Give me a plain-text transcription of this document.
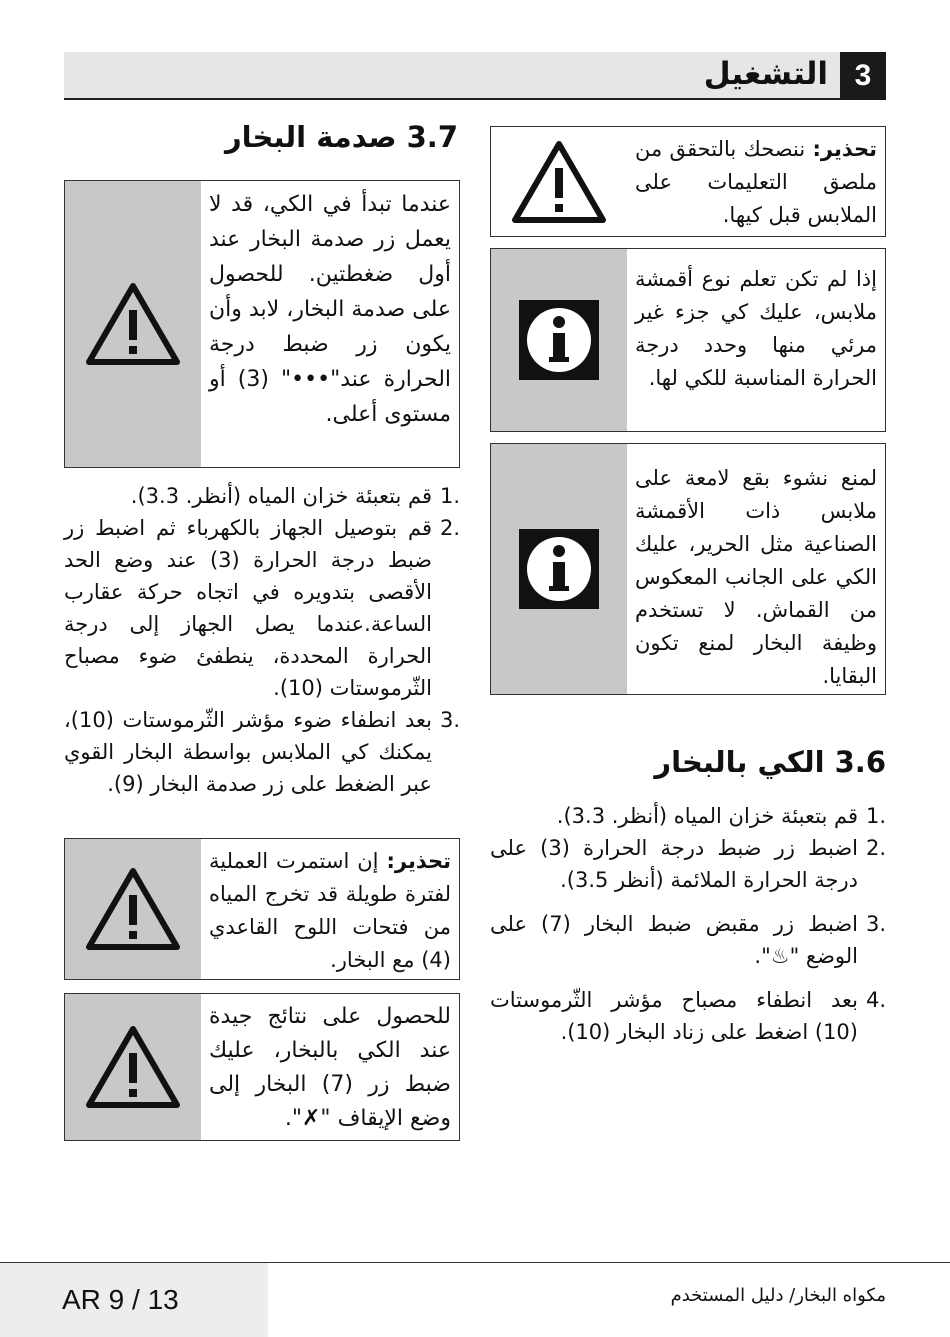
3
التشغيل
تحذير: ننصحك بالتحقق من ملصق التعليمات على الملابس قبل كيها.
إذا لم تكن تعلم نوع أقمشة ملابس، عليك كي جزء غير مرئي منها وحدد درجة الحرارة المناسبة للكي لها.
لمنع نشوء بقع لامعة على ملابس ذات الأقمشة الصناعية مثل الحرير، عليك الكي على الجانب المعكوس من القماش. لا تستخدم وظيفة البخار لمنع تكون البقايا.
3.6 الكي بالبخار
.1
قم بتعبئة خزان المياه (أنظر. 3.3).
.2
اضبط زر ضبط درجة الحرارة (3) على درجة الحرارة الملائمة (أنظر 3.5).
.3
اضبط زر مقبض ضبط البخار (7) على الوضع "♨".
.4
بعد انطفاء مصباح مؤشر الثّرموستات (10) اضغط على زناد البخار (10).
3.7 صدمة البخار
عندما تبدأ في الكي، قد لا يعمل زر صدمة البخار عند أول ضغطتين. للحصول على صدمة البخار، لابد وأن يكون زر ضبط درجة الحرارة عند"•••" (3) أو مستوى أعلى.
.1
قم بتعبئة خزان المياه (أنظر. 3.3).
.2
قم بتوصيل الجهاز بالكهرباء ثم اضبط زر ضبط درجة الحرارة (3) عند وضع الحد الأقصى بتدويره في اتجاه حركة عقارب الساعة.عندما يصل الجهاز إلى درجة الحرارة المحددة، ينطفئ ضوء مصباح الثّرموستات (10).
.3
بعد انطفاء ضوء مؤشر الثّرموستات (10)، يمكنك كي الملابس بواسطة البخار القوي عبر الضغط على زر صدمة البخار (9).
تحذير: إن استمرت العملية لفترة طويلة قد تخرج المياه من فتحات اللوح القاعدي (4) مع البخار.
للحصول على نتائج جيدة عند الكي بالبخار، عليك ضبط زر (7) البخار إلى وضع الإيقاف "✗".
AR 9 / 13	مكواه البخار/ دليل المستخدم
